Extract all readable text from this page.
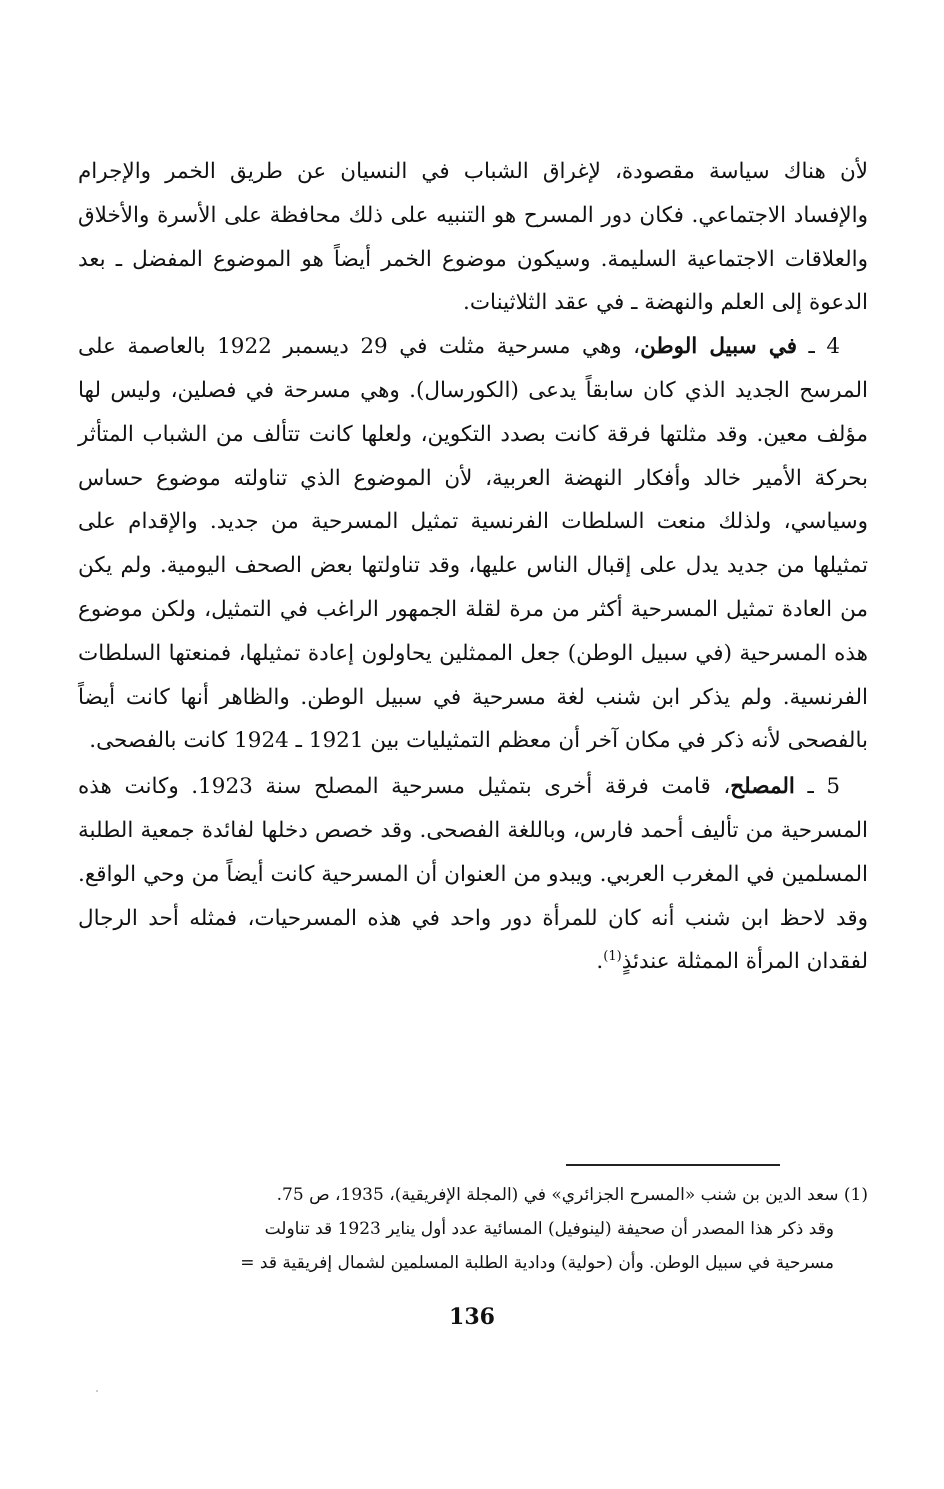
لأن هناك سياسة مقصودة، لإغراق الشباب في النسيان عن طريق الخمر والإجرام والإفساد الاجتماعي. فكان دور المسرح هو التنبيه على ذلك محافظة على الأسرة والأخلاق والعلاقات الاجتماعية السليمة. وسيكون موضوع الخمر أيضاً هو الموضوع المفضل ـ بعد الدعوة إلى العلم والنهضة ـ في عقد الثلاثينات.

4 ـ في سبيل الوطن، وهي مسرحية مثلت في 29 ديسمبر 1922 بالعاصمة على المرسح الجديد الذي كان سابقاً يدعى (الكورسال). وهي مسرحة في فصلين، وليس لها مؤلف معين. وقد مثلتها فرقة كانت بصدد التكوين، ولعلها كانت تتألف من الشباب المتأثر بحركة الأمير خالد وأفكار النهضة العربية، لأن الموضوع الذي تناولته موضوع حساس وسياسي، ولذلك منعت السلطات الفرنسية تمثيل المسرحية من جديد. والإقدام على تمثيلها من جديد يدل على إقبال الناس عليها، وقد تناولتها بعض الصحف اليومية. ولم يكن من العادة تمثيل المسرحية أكثر من مرة لقلة الجمهور الراغب في التمثيل، ولكن موضوع هذه المسرحية (في سبيل الوطن) جعل الممثلين يحاولون إعادة تمثيلها، فمنعتها السلطات الفرنسية. ولم يذكر ابن شنب لغة مسرحية في سبيل الوطن. والظاهر أنها كانت أيضاً بالفصحى لأنه ذكر في مكان آخر أن معظم التمثيليات بين 1921 ـ 1924 كانت بالفصحى.

5 ـ المصلح، قامت فرقة أخرى بتمثيل مسرحية المصلح سنة 1923. وكانت هذه المسرحية من تأليف أحمد فارس، وباللغة الفصحى. وقد خصص دخلها لفائدة جمعية الطلبة المسلمين في المغرب العربي. ويبدو من العنوان أن المسرحية كانت أيضاً من وحي الواقع. وقد لاحظ ابن شنب أنه كان للمرأة دور واحد في هذه المسرحيات، فمثله أحد الرجال لفقدان المرأة الممثلة عندئذٍ$^{(1)}$.

(1) سعد الدين بن شنب «المسرح الجزائري» في (المجلة الإفريقية)، 1935، ص 75.

وقد ذكر هذا المصدر أن صحيفة (لينوفيل) المسائية عدد أول يناير 1923 قد تناولت

مسرحية في سبيل الوطن. وأن (حولية) ودادية الطلبة المسلمين لشمال إفريقية قد =

136
